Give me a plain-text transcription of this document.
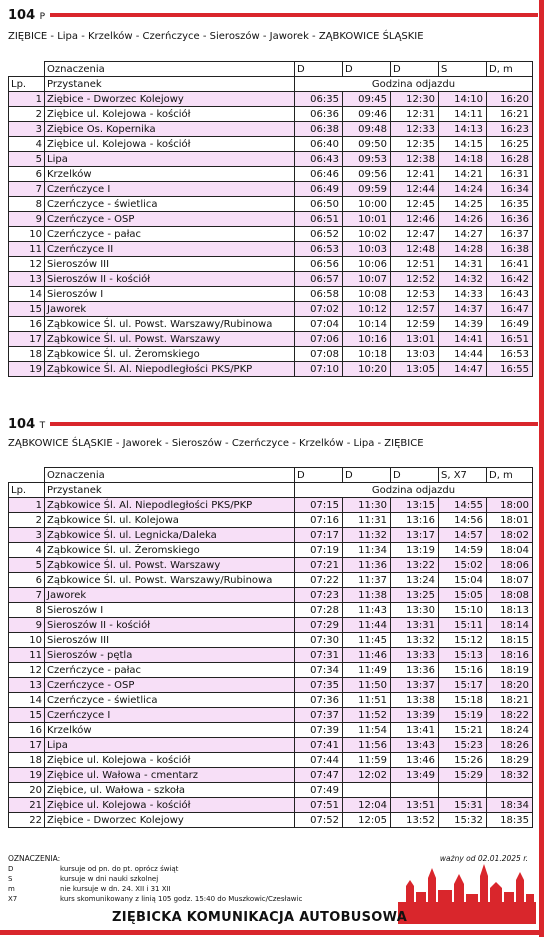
104 P
ZIĘBICE - Lipa - Krzelków - Czerńczyce - Sieroszów - Jaworek - ZĄBKOWICE ŚLĄSKIE
	Oznaczenia	D	D	D	S	D, m
Lp.	Przystanek	Godzina odjazdu				
1	Ziębice - Dworzec Kolejowy	06:35	09:45	12:30	14:10	16:20
2	Ziębice ul. Kolejowa - kościół	06:36	09:46	12:31	14:11	16:21
3	Ziębice Os. Kopernika	06:38	09:48	12:33	14:13	16:23
4	Ziębice ul. Kolejowa - kościół	06:40	09:50	12:35	14:15	16:25
5	Lipa	06:43	09:53	12:38	14:18	16:28
6	Krzelków	06:46	09:56	12:41	14:21	16:31
7	Czerńczyce I	06:49	09:59	12:44	14:24	16:34
8	Czerńczyce - świetlica	06:50	10:00	12:45	14:25	16:35
9	Czerńczyce - OSP	06:51	10:01	12:46	14:26	16:36
10	Czerńczyce - pałac	06:52	10:02	12:47	14:27	16:37
11	Czerńczyce II	06:53	10:03	12:48	14:28	16:38
12	Sieroszów III	06:56	10:06	12:51	14:31	16:41
13	Sieroszów II - kościół	06:57	10:07	12:52	14:32	16:42
14	Sieroszów I	06:58	10:08	12:53	14:33	16:43
15	Jaworek	07:02	10:12	12:57	14:37	16:47
16	Ząbkowice Śl. ul. Powst. Warszawy/Rubinowa	07:04	10:14	12:59	14:39	16:49
17	Ząbkowice Śl. ul. Powst. Warszawy	07:06	10:16	13:01	14:41	16:51
18	Ząbkowice Śl. ul. Żeromskiego	07:08	10:18	13:03	14:44	16:53
19	Ząbkowice Śl. Al. Niepodległości PKS/PKP	07:10	10:20	13:05	14:47	16:55
104 T
ZĄBKOWICE ŚLĄSKIE - Jaworek - Sieroszów - Czerńczyce - Krzelków - Lipa - ZIĘBICE
	Oznaczenia	D	D	D	S, X7	D, m
Lp.	Przystanek	Godzina odjazdu				
1	Ząbkowice Śl. Al. Niepodległości PKS/PKP	07:15	11:30	13:15	14:55	18:00
2	Ząbkowice Śl. ul. Kolejowa	07:16	11:31	13:16	14:56	18:01
3	Ząbkowice Śl. ul. Legnicka/Daleka	07:17	11:32	13:17	14:57	18:02
4	Ząbkowice Śl. ul. Żeromskiego	07:19	11:34	13:19	14:59	18:04
5	Ząbkowice Śl. ul. Powst. Warszawy	07:21	11:36	13:22	15:02	18:06
6	Ząbkowice Śl. ul. Powst. Warszawy/Rubinowa	07:22	11:37	13:24	15:04	18:07
7	Jaworek	07:23	11:38	13:25	15:05	18:08
8	Sieroszów I	07:28	11:43	13:30	15:10	18:13
9	Sieroszów II - kościół	07:29	11:44	13:31	15:11	18:14
10	Sieroszów III	07:30	11:45	13:32	15:12	18:15
11	Sieroszów - pętla	07:31	11:46	13:33	15:13	18:16
12	Czerńczyce - pałac	07:34	11:49	13:36	15:16	18:19
13	Czerńczyce - OSP	07:35	11:50	13:37	15:17	18:20
14	Czerńczyce - świetlica	07:36	11:51	13:38	15:18	18:21
15	Czerńczyce I	07:37	11:52	13:39	15:19	18:22
16	Krzelków	07:39	11:54	13:41	15:21	18:24
17	Lipa	07:41	11:56	13:43	15:23	18:26
18	Ziębice ul. Kolejowa - kościół	07:44	11:59	13:46	15:26	18:29
19	Ziębice ul. Wałowa - cmentarz	07:47	12:02	13:49	15:29	18:32
20	Ziębice, ul. Wałowa - szkoła	07:49				
21	Ziębice ul. Kolejowa - kościół	07:51	12:04	13:51	15:31	18:34
22	Ziębice - Dworzec Kolejowy	07:52	12:05	13:52	15:32	18:35
OZNACZENIA:
D	kursuje od pn. do pt. oprócz świąt
S	kursuje w dni nauki szkolnej
m	nie kursuje w dn. 24. XII i 31 XII
X7	kurs skomunikowany z linią 105 godz. 15:40 do Muszkowic/Czesławic
ważny od 02.01.2025 r.
ZIĘBICKA KOMUNIKACJA AUTOBUSOWA
